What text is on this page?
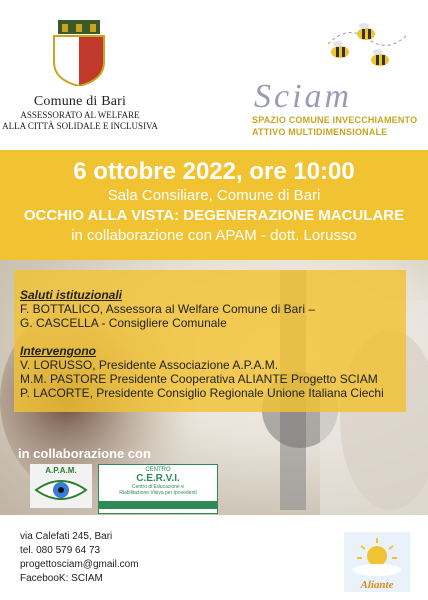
Comune di Bari
ASSESSORATO AL WELFARE
ALLA CITTÀ SOLIDALE E INCLUSIVA
Sciam
SPAZIO COMUNE INVECCHIAMENTO
ATTIVO MULTIDIMENSIONALE
6 ottobre 2022, ore 10:00
Sala Consiliare, Comune di Bari
OCCHIO ALLA VISTA: DEGENERAZIONE MACULARE
in collaborazione con APAM - dott. Lorusso

Saluti istituzionali

F. BOTTALICO, Assessora al Welfare Comune di Bari –

G. CASCELLA - Consigliere Comunale

Intervengono

V. LORUSSO, Presidente Associazione A.P.A.M.

M.M. PASTORE Presidente Cooperativa ALIANTE Progetto SCIAM

P. LACORTE, Presidente Consiglio Regionale Unione Italiana Ciechi

in collaborazione con
A.P.A.M.	CENTRO
C.E.R.V.I.
Centro di Educazione e
Riabilitazione Visiva per Ipovedenti
via Calefati 245, Bari
tel. 080 579 64 73
progettosciam@gmail.com
FacebooK: SCIAM
Aliante
